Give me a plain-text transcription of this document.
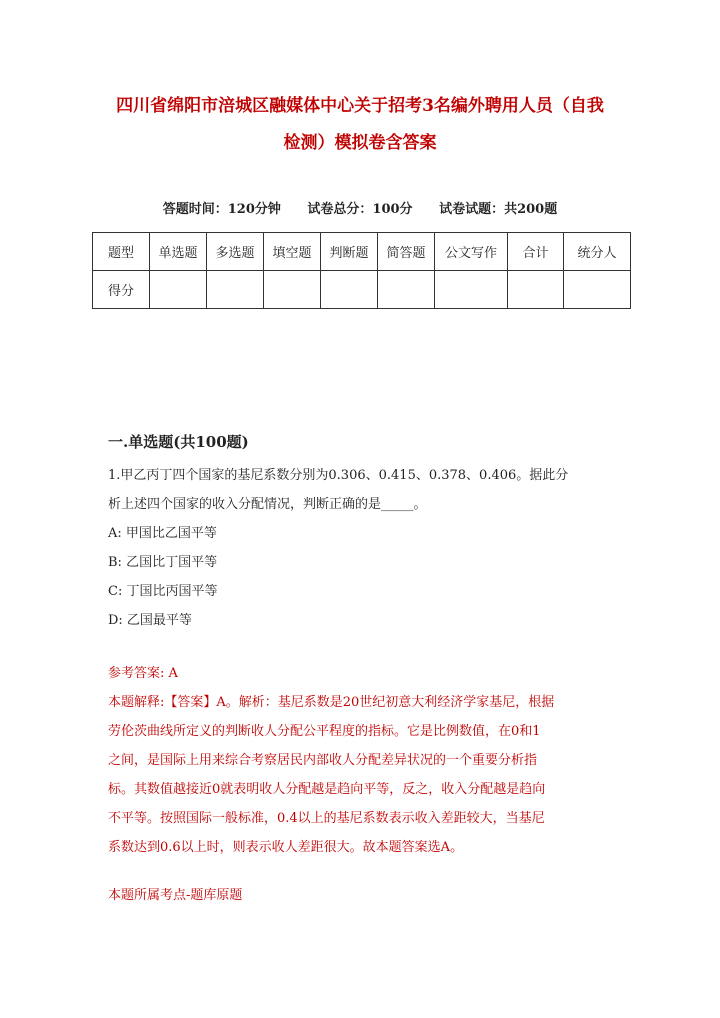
四川省绵阳市涪城区融媒体中心关于招考3名编外聘用人员（自我
检测）模拟卷含答案
答题时间：120分钟 试卷总分：100分 试卷试题：共200题
题型	单选题	多选题	填空题	判断题	简答题	公文写作	合计	统分人
得分								
一.单选题(共100题)

1.甲乙丙丁四个国家的基尼系数分别为0.306、0.415、0.378、0.406。据此分

析上述四个国家的收入分配情况，判断正确的是_____。

A: 甲国比乙国平等

B: 乙国比丁国平等

C: 丁国比丙国平等

D: 乙国最平等

参考答案: A

本题解释:【答案】A。解析：基尼系数是20世纪初意大利经济学家基尼，根据

劳伦茨曲线所定义的判断收人分配公平程度的指标。它是比例数值，在0和1

之间，是国际上用来综合考察居民内部收人分配差异状况的一个重要分析指

标。其数值越接近0就表明收人分配越是趋向平等，反之，收入分配越是趋向

不平等。按照国际一般标准，0.4以上的基尼系数表示收入差距较大，当基尼

系数达到0.6以上时，则表示收人差距很大。故本题答案选A。

本题所属考点-题库原题
